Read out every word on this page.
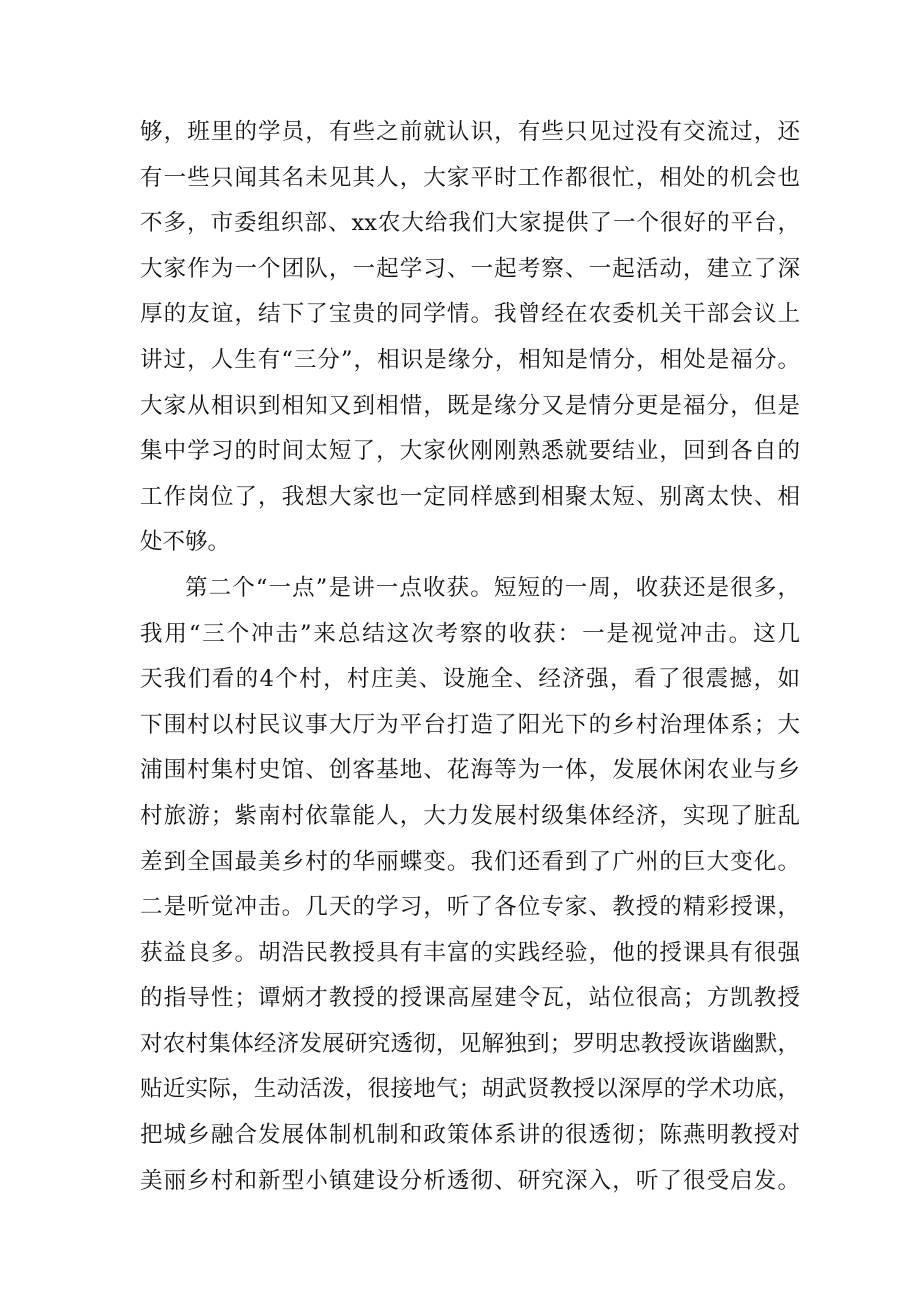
够，班里的学员，有些之前就认识，有些只见过没有交流过，还
有一些只闻其名未见其人，大家平时工作都很忙，相处的机会也
不多，市委组织部、xx农大给我们大家提供了一个很好的平台，
大家作为一个团队，一起学习、一起考察、一起活动，建立了深
厚的友谊，结下了宝贵的同学情。我曾经在农委机关干部会议上
讲过，人生有“三分”，相识是缘分，相知是情分，相处是福分。
大家从相识到相知又到相惜，既是缘分又是情分更是福分，但是
集中学习的时间太短了，大家伙刚刚熟悉就要结业，回到各自的
工作岗位了，我想大家也一定同样感到相聚太短、别离太快、相
处不够。
第二个“一点”是讲一点收获。短短的一周，收获还是很多，
我用“三个冲击”来总结这次考察的收获：一是视觉冲击。这几
天我们看的4个村，村庄美、设施全、经济强，看了很震撼，如
下围村以村民议事大厅为平台打造了阳光下的乡村治理体系；大
浦围村集村史馆、创客基地、花海等为一体，发展休闲农业与乡
村旅游；紫南村依靠能人，大力发展村级集体经济，实现了脏乱
差到全国最美乡村的华丽蝶变。我们还看到了广州的巨大变化。
二是听觉冲击。几天的学习，听了各位专家、教授的精彩授课，
获益良多。胡浩民教授具有丰富的实践经验，他的授课具有很强
的指导性；谭炳才教授的授课高屋建令瓦，站位很高；方凯教授
对农村集体经济发展研究透彻，见解独到；罗明忠教授诙谐幽默，
贴近实际，生动活泼，很接地气；胡武贤教授以深厚的学术功底，
把城乡融合发展体制机制和政策体系讲的很透彻；陈燕明教授对
美丽乡村和新型小镇建设分析透彻、研究深入，听了很受启发。
